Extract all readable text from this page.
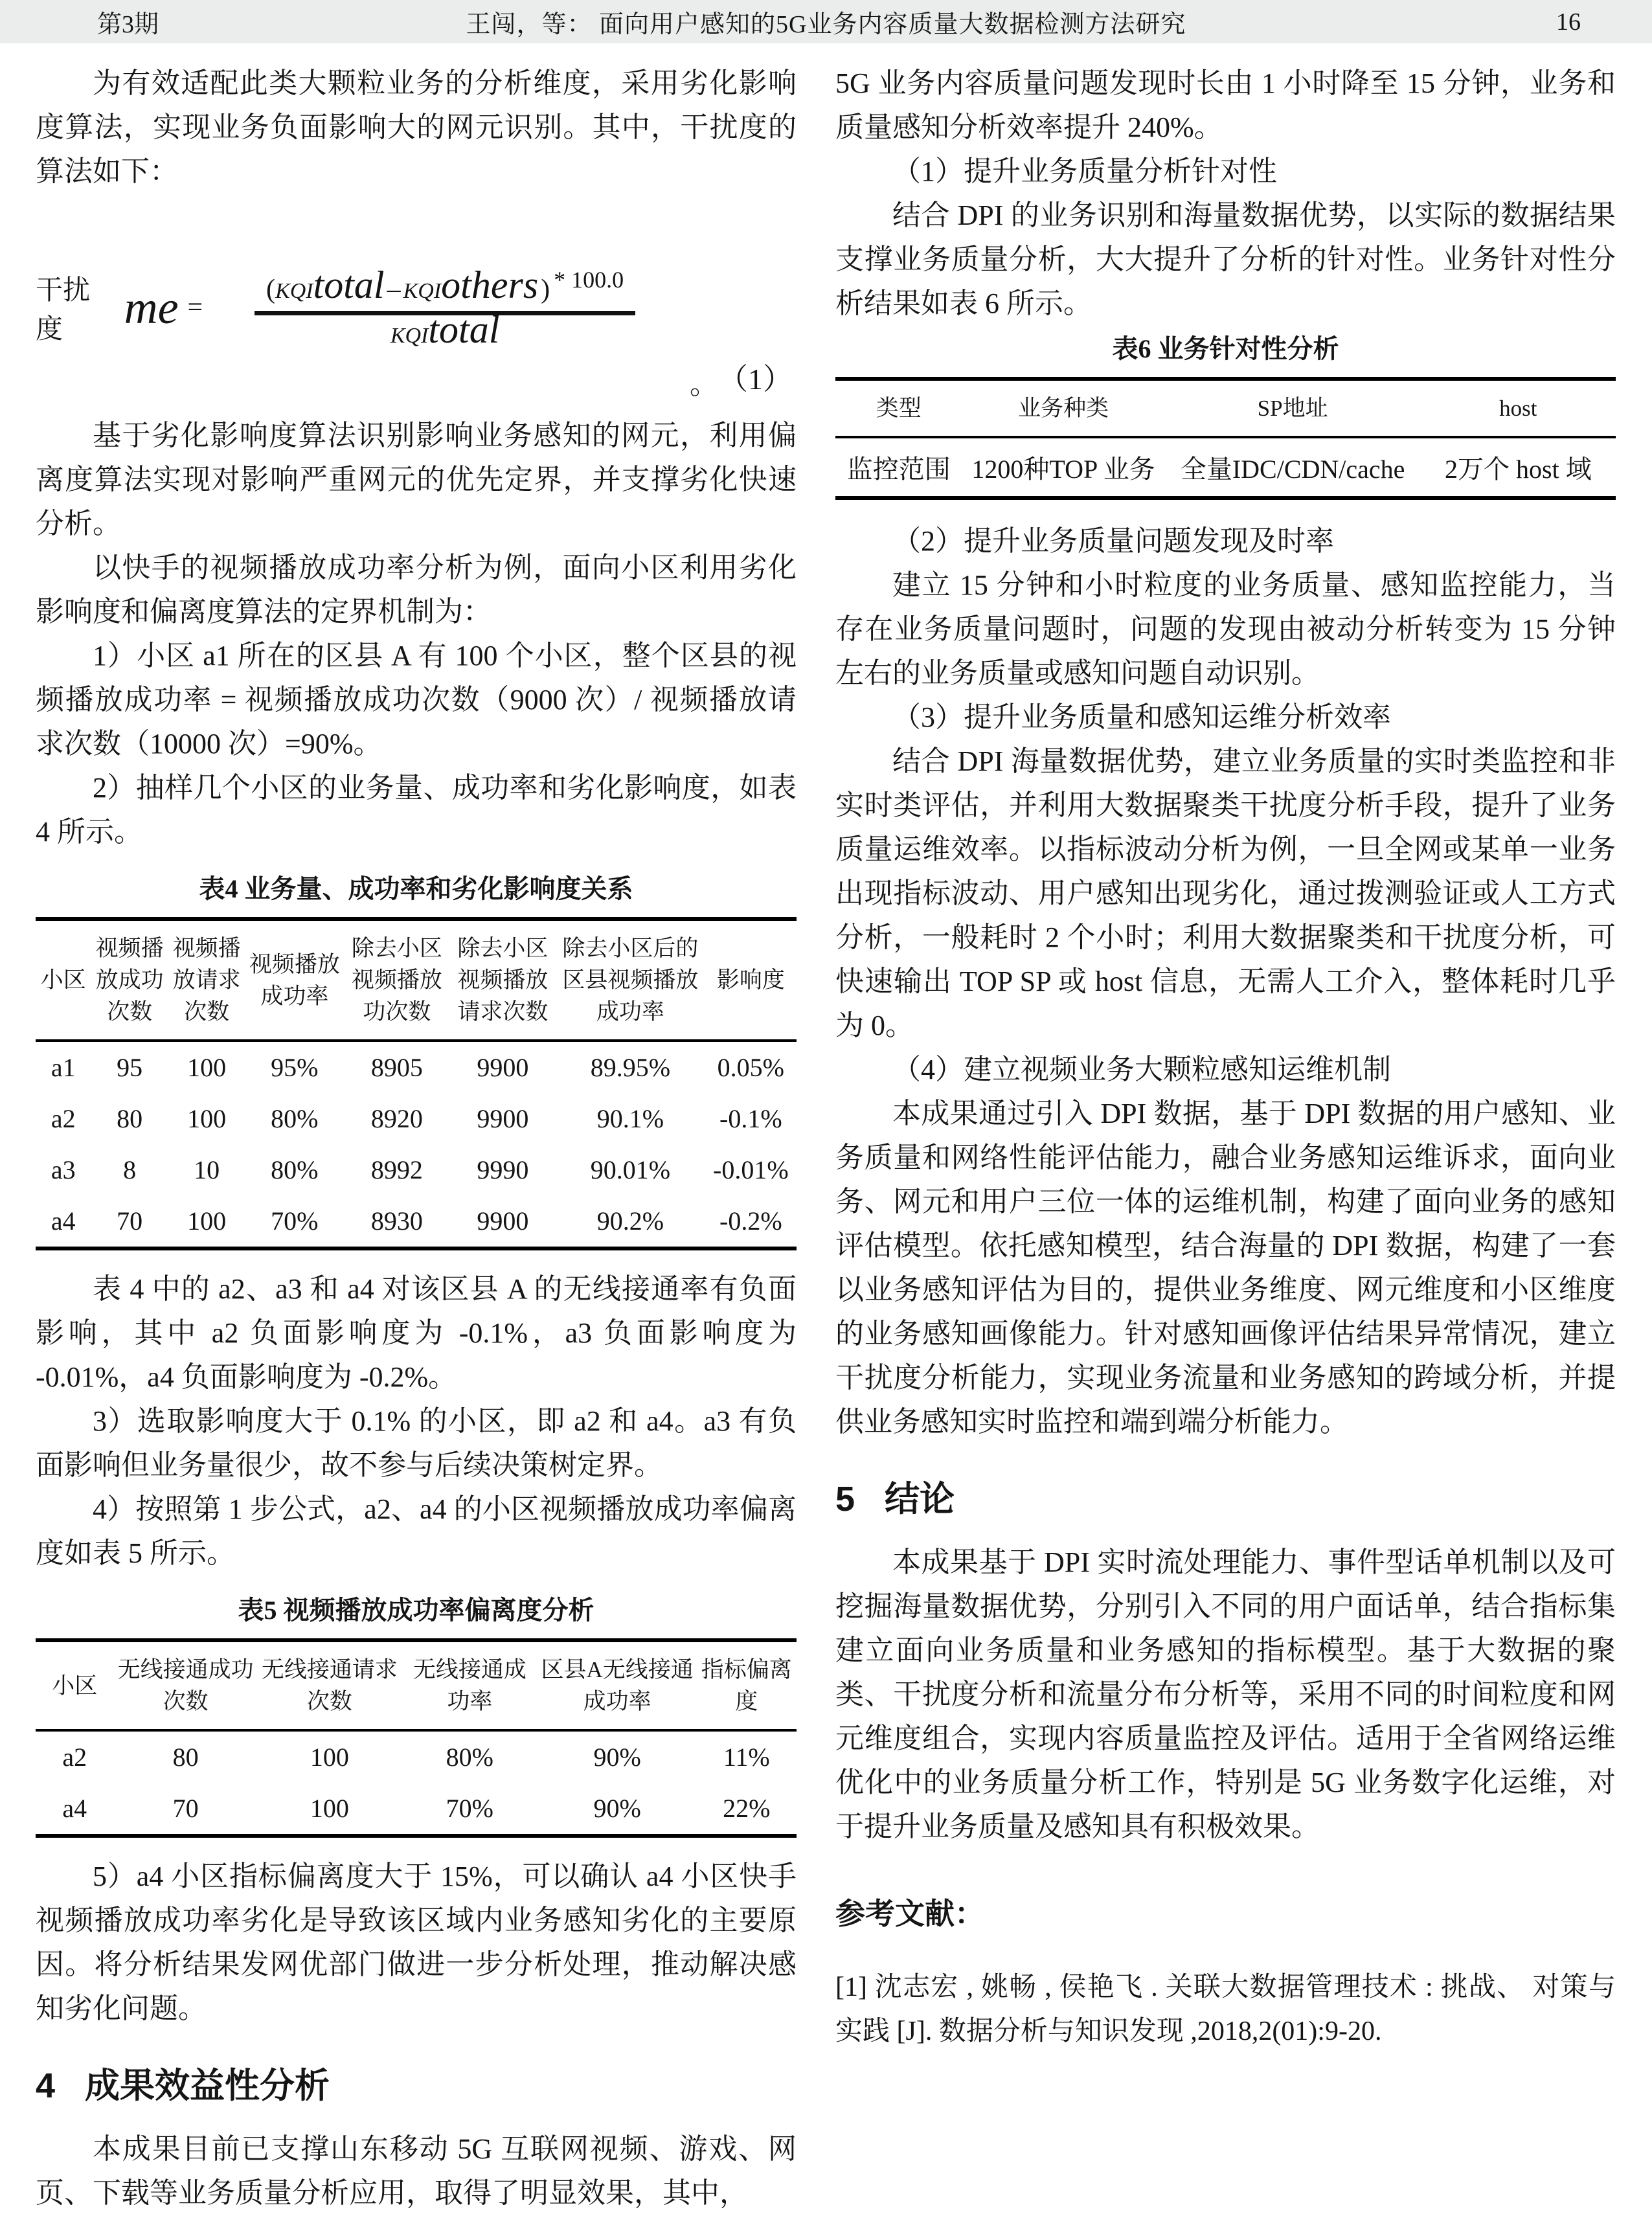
第3期	王闯，等： 面向用户感知的5G业务内容质量大数据检测方法研究	16

为有效适配此类大颗粒业务的分析维度，采用劣化影响度算法，实现业务负面影响大的网元识别。其中，干扰度的算法如下：

干扰度	me = $\frac{\text{(KQItotal – KQIothers ) * 100.0}}{\text{KQItotal}}$
。 （1）

基于劣化影响度算法识别影响业务感知的网元，利用偏离度算法实现对影响严重网元的优先定界，并支撑劣化快速分析。

以快手的视频播放成功率分析为例，面向小区利用劣化影响度和偏离度算法的定界机制为：

1）小区 a1 所在的区县 A 有 100 个小区，整个区县的视频播放成功率 = 视频播放成功次数（9000 次）/ 视频播放请求次数（10000 次）=90%。

2）抽样几个小区的业务量、成功率和劣化影响度，如表 4 所示。

表4 业务量、成功率和劣化影响度关系
小区	视频播放成功次数	视频播放请求次数	视频播放成功率	除去小区视频播放功次数	除去小区视频播放请求次数	除去小区后的区县视频播放成功率	影响度
a1	95	100	95%	8905	9900	89.95%	0.05%
a2	80	100	80%	8920	9900	90.1%	-0.1%
a3	8	10	80%	8992	9990	90.01%	-0.01%
a4	70	100	70%	8930	9900	90.2%	-0.2%

表 4 中的 a2、a3 和 a4 对该区县 A 的无线接通率有负面影响，其中 a2 负面影响度为 -0.1%，a3 负面影响度为 -0.01%，a4 负面影响度为 -0.2%。

3）选取影响度大于 0.1% 的小区，即 a2 和 a4。a3 有负面影响但业务量很少，故不参与后续决策树定界。

4）按照第 1 步公式，a2、a4 的小区视频播放成功率偏离度如表 5 所示。

表5 视频播放成功率偏离度分析
小区	无线接通成功次数	无线接通请求次数	无线接通成功率	区县A无线接通成功率	指标偏离度
a2	80	100	80%	90%	11%
a4	70	100	70%	90%	22%

5）a4 小区指标偏离度大于 15%，可以确认 a4 小区快手视频播放成功率劣化是导致该区域内业务感知劣化的主要原因。将分析结果发网优部门做进一步分析处理，推动解决感知劣化问题。

4 成果效益性分析

本成果目前已支撑山东移动 5G 互联网视频、游戏、网页、下载等业务质量分析应用，取得了明显效果，其中，

5G 业务内容质量问题发现时长由 1 小时降至 15 分钟，业务和质量感知分析效率提升 240%。

（1）提升业务质量分析针对性

结合 DPI 的业务识别和海量数据优势，以实际的数据结果支撑业务质量分析，大大提升了分析的针对性。业务针对性分析结果如表 6 所示。

表6 业务针对性分析
类型	业务种类	SP地址	host
监控范围	1200种TOP 业务	全量IDC/CDN/cache	2万个 host 域

（2）提升业务质量问题发现及时率

建立 15 分钟和小时粒度的业务质量、感知监控能力，当存在业务质量问题时，问题的发现由被动分析转变为 15 分钟左右的业务质量或感知问题自动识别。

（3）提升业务质量和感知运维分析效率

结合 DPI 海量数据优势，建立业务质量的实时类监控和非实时类评估，并利用大数据聚类干扰度分析手段，提升了业务质量运维效率。以指标波动分析为例，一旦全网或某单一业务出现指标波动、用户感知出现劣化，通过拨测验证或人工方式分析，一般耗时 2 个小时；利用大数据聚类和干扰度分析，可快速输出 TOP SP 或 host 信息，无需人工介入，整体耗时几乎为 0。

（4）建立视频业务大颗粒感知运维机制

本成果通过引入 DPI 数据，基于 DPI 数据的用户感知、业务质量和网络性能评估能力，融合业务感知运维诉求，面向业务、网元和用户三位一体的运维机制，构建了面向业务的感知评估模型。依托感知模型，结合海量的 DPI 数据，构建了一套以业务感知评估为目的，提供业务维度、网元维度和小区维度的业务感知画像能力。针对感知画像评估结果异常情况，建立干扰度分析能力，实现业务流量和业务感知的跨域分析，并提供业务感知实时监控和端到端分析能力。

5 结论

本成果基于 DPI 实时流处理能力、事件型话单机制以及可挖掘海量数据优势，分别引入不同的用户面话单，结合指标集建立面向业务质量和业务感知的指标模型。基于大数据的聚类、干扰度分析和流量分布分析等，采用不同的时间粒度和网元维度组合，实现内容质量监控及评估。适用于全省网络运维优化中的业务质量分析工作，特别是 5G 业务数字化运维，对于提升业务质量及感知具有积极效果。

参考文献：

[1] 沈志宏 , 姚畅 , 侯艳飞 . 关联大数据管理技术 : 挑战、 对策与实践 [J]. 数据分析与知识发现 ,2018,2(01):9-20.
